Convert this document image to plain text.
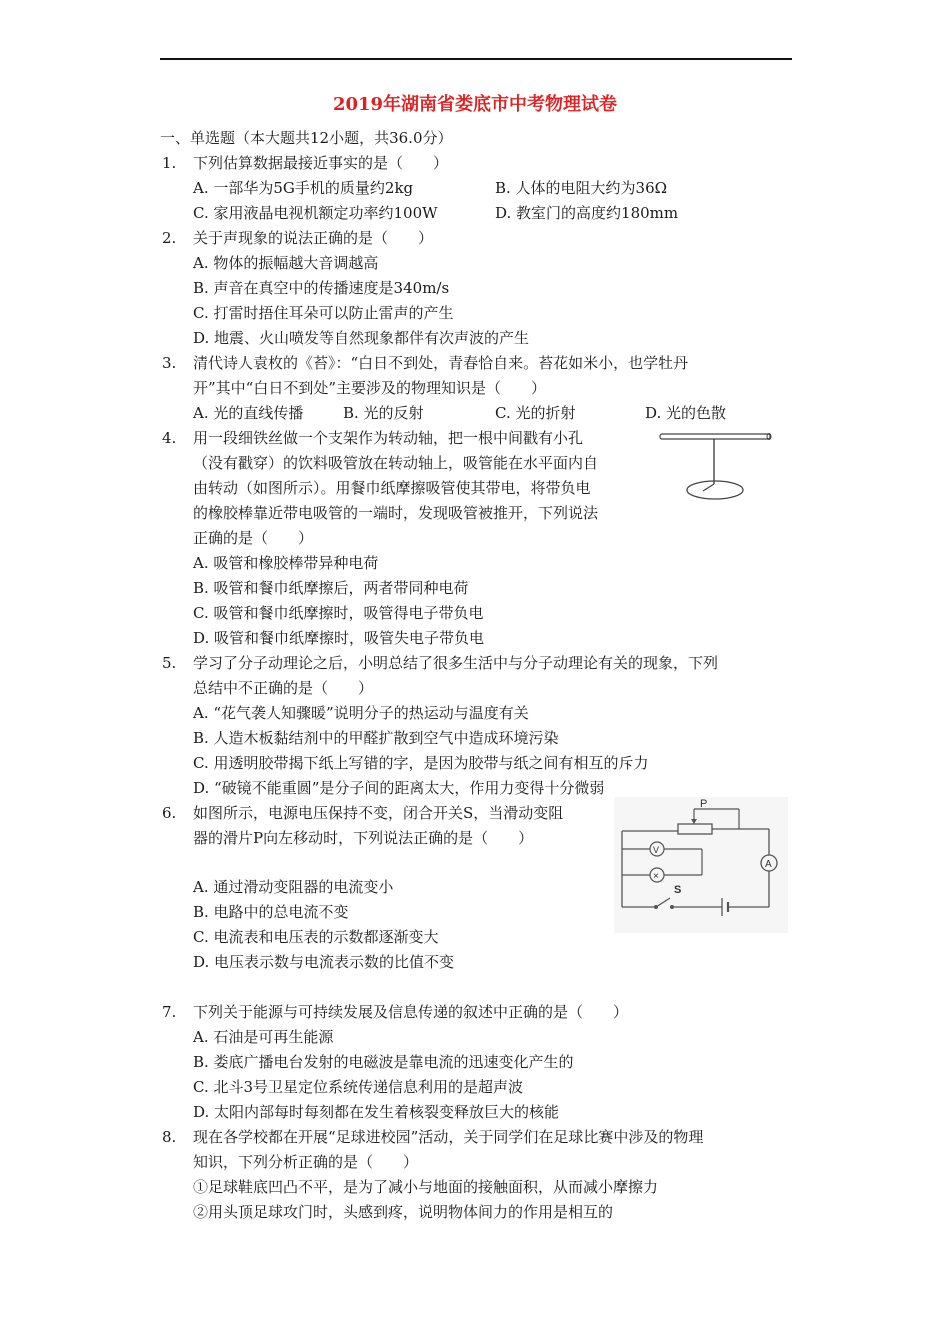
2019年湖南省娄底市中考物理试卷
一、单选题（本大题共12小题，共36.0分）
1. 下列估算数据最接近事实的是（　　）
A. 一部华为5G手机的质量约2kg	B. 人体的电阻大约为36Ω
C. 家用液晶电视机额定功率约100W	D. 教室门的高度约180mm
2. 关于声现象的说法正确的是（　　）
A. 物体的振幅越大音调越高
B. 声音在真空中的传播速度是340m/s
C. 打雷时捂住耳朵可以防止雷声的产生
D. 地震、火山喷发等自然现象都伴有次声波的产生
3. 清代诗人袁枚的《苔》：“白日不到处，青春恰自来。苔花如米小，也学牡丹
开”其中“白日不到处”主要涉及的物理知识是（　　）
A. 光的直线传播	B. 光的反射	C. 光的折射	D. 光的色散
4. 用一段细铁丝做一个支架作为转动轴，把一根中间戳有小孔
（没有戳穿）的饮料吸管放在转动轴上，吸管能在水平面内自
由转动（如图所示）。用餐巾纸摩擦吸管使其带电，将带负电
的橡胶棒靠近带电吸管的一端时，发现吸管被推开，下列说法
正确的是（　　）
A. 吸管和橡胶棒带异种电荷
B. 吸管和餐巾纸摩擦后，两者带同种电荷
C. 吸管和餐巾纸摩擦时，吸管得电子带负电
D. 吸管和餐巾纸摩擦时，吸管失电子带负电
5. 学习了分子动理论之后，小明总结了很多生活中与分子动理论有关的现象，下列
总结中不正确的是（　　）
A. “花气袭人知骤暖”说明分子的热运动与温度有关
B. 人造木板黏结剂中的甲醛扩散到空气中造成环境污染
C. 用透明胶带揭下纸上写错的字，是因为胶带与纸之间有相互的斥力
D. “破镜不能重圆”是分子间的距离太大，作用力变得十分微弱
6. 如图所示，电源电压保持不变，闭合开关S，当滑动变阻
器的滑片P向左移动时，下列说法正确的是（　　）
A. 通过滑动变阻器的电流变小
B. 电路中的总电流不变
C. 电流表和电压表的示数都逐渐变大
D. 电压表示数与电流表示数的比值不变
P
A
V
×
S
7. 下列关于能源与可持续发展及信息传递的叙述中正确的是（　　）
A. 石油是可再生能源
B. 娄底广播电台发射的电磁波是靠电流的迅速变化产生的
C. 北斗3号卫星定位系统传递信息利用的是超声波
D. 太阳内部每时每刻都在发生着核裂变释放巨大的核能
8. 现在各学校都在开展“足球进校园”活动，关于同学们在足球比赛中涉及的物理
知识，下列分析正确的是（　　）
①足球鞋底凹凸不平，是为了减小与地面的接触面积，从而减小摩擦力
②用头顶足球攻门时，头感到疼，说明物体间力的作用是相互的
